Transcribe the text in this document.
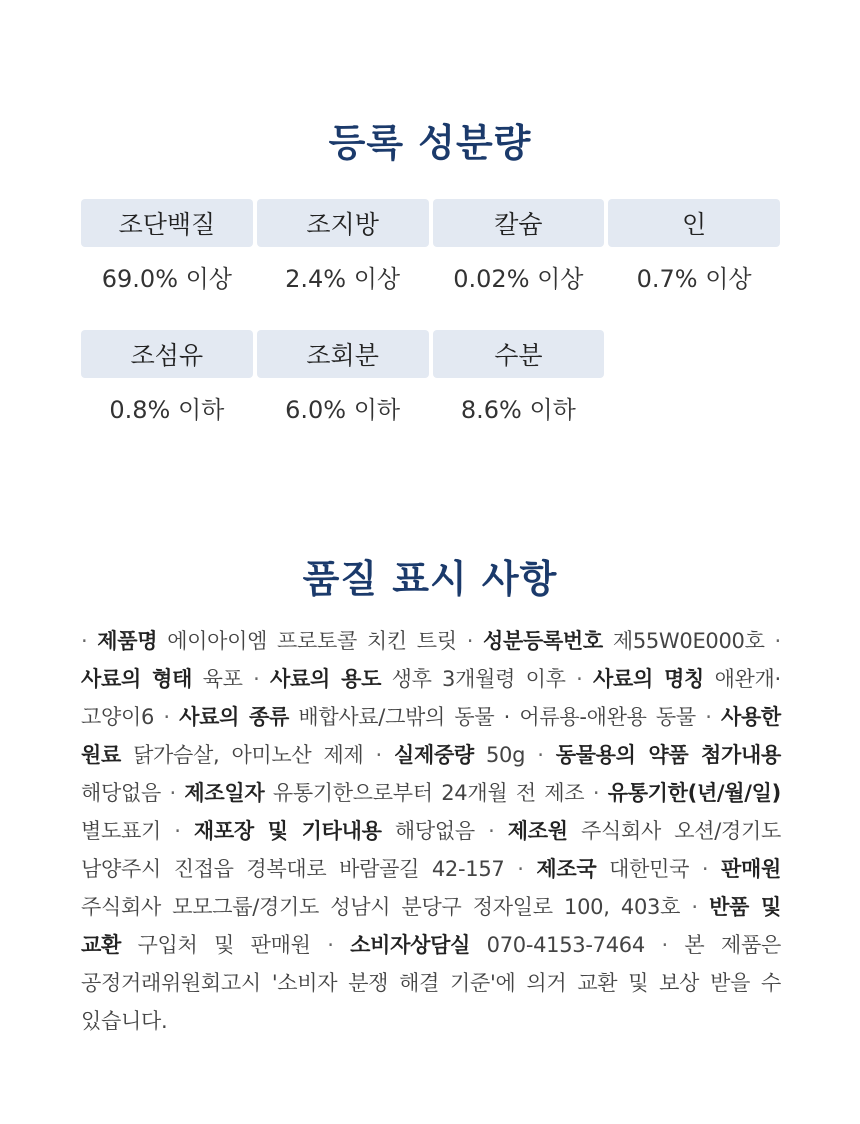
등록 성분량
조단백질
69.0% 이상
조지방
2.4% 이상
칼슘
0.02% 이상
인
0.7% 이상
조섬유
0.8% 이하
조회분
6.0% 이하
수분
8.6% 이하
품질 표시 사항
· 제품명 에이아이엠 프로토콜 치킨 트릿 · 성분등록번호 제55W0E000호 · 사료의 형태 육포 · 사료의 용도 생후 3개월령 이후 · 사료의 명칭 애완개·고양이6 · 사료의 종류 배합사료/그밖의 동물 · 어류용-애완용 동물 · 사용한 원료 닭가슴살, 아미노산 제제 · 실제중량 50g · 동물용의 약품 첨가내용 해당없음 · 제조일자 유통기한으로부터 24개월 전 제조 · 유통기한(년/월/일) 별도표기 · 재포장 및 기타내용 해당없음 · 제조원 주식회사 오션/경기도 남양주시 진접읍 경복대로 바람골길 42-157 · 제조국 대한민국 · 판매원 주식회사 모모그룹/경기도 성남시 분당구 정자일로 100, 403호 · 반품 및 교환 구입처 및 판매원 · 소비자상담실 070-4153-7464 · 본 제품은 공정거래위원회고시 '소비자 분쟁 해결 기준'에 의거 교환 및 보상 받을 수 있습니다.
